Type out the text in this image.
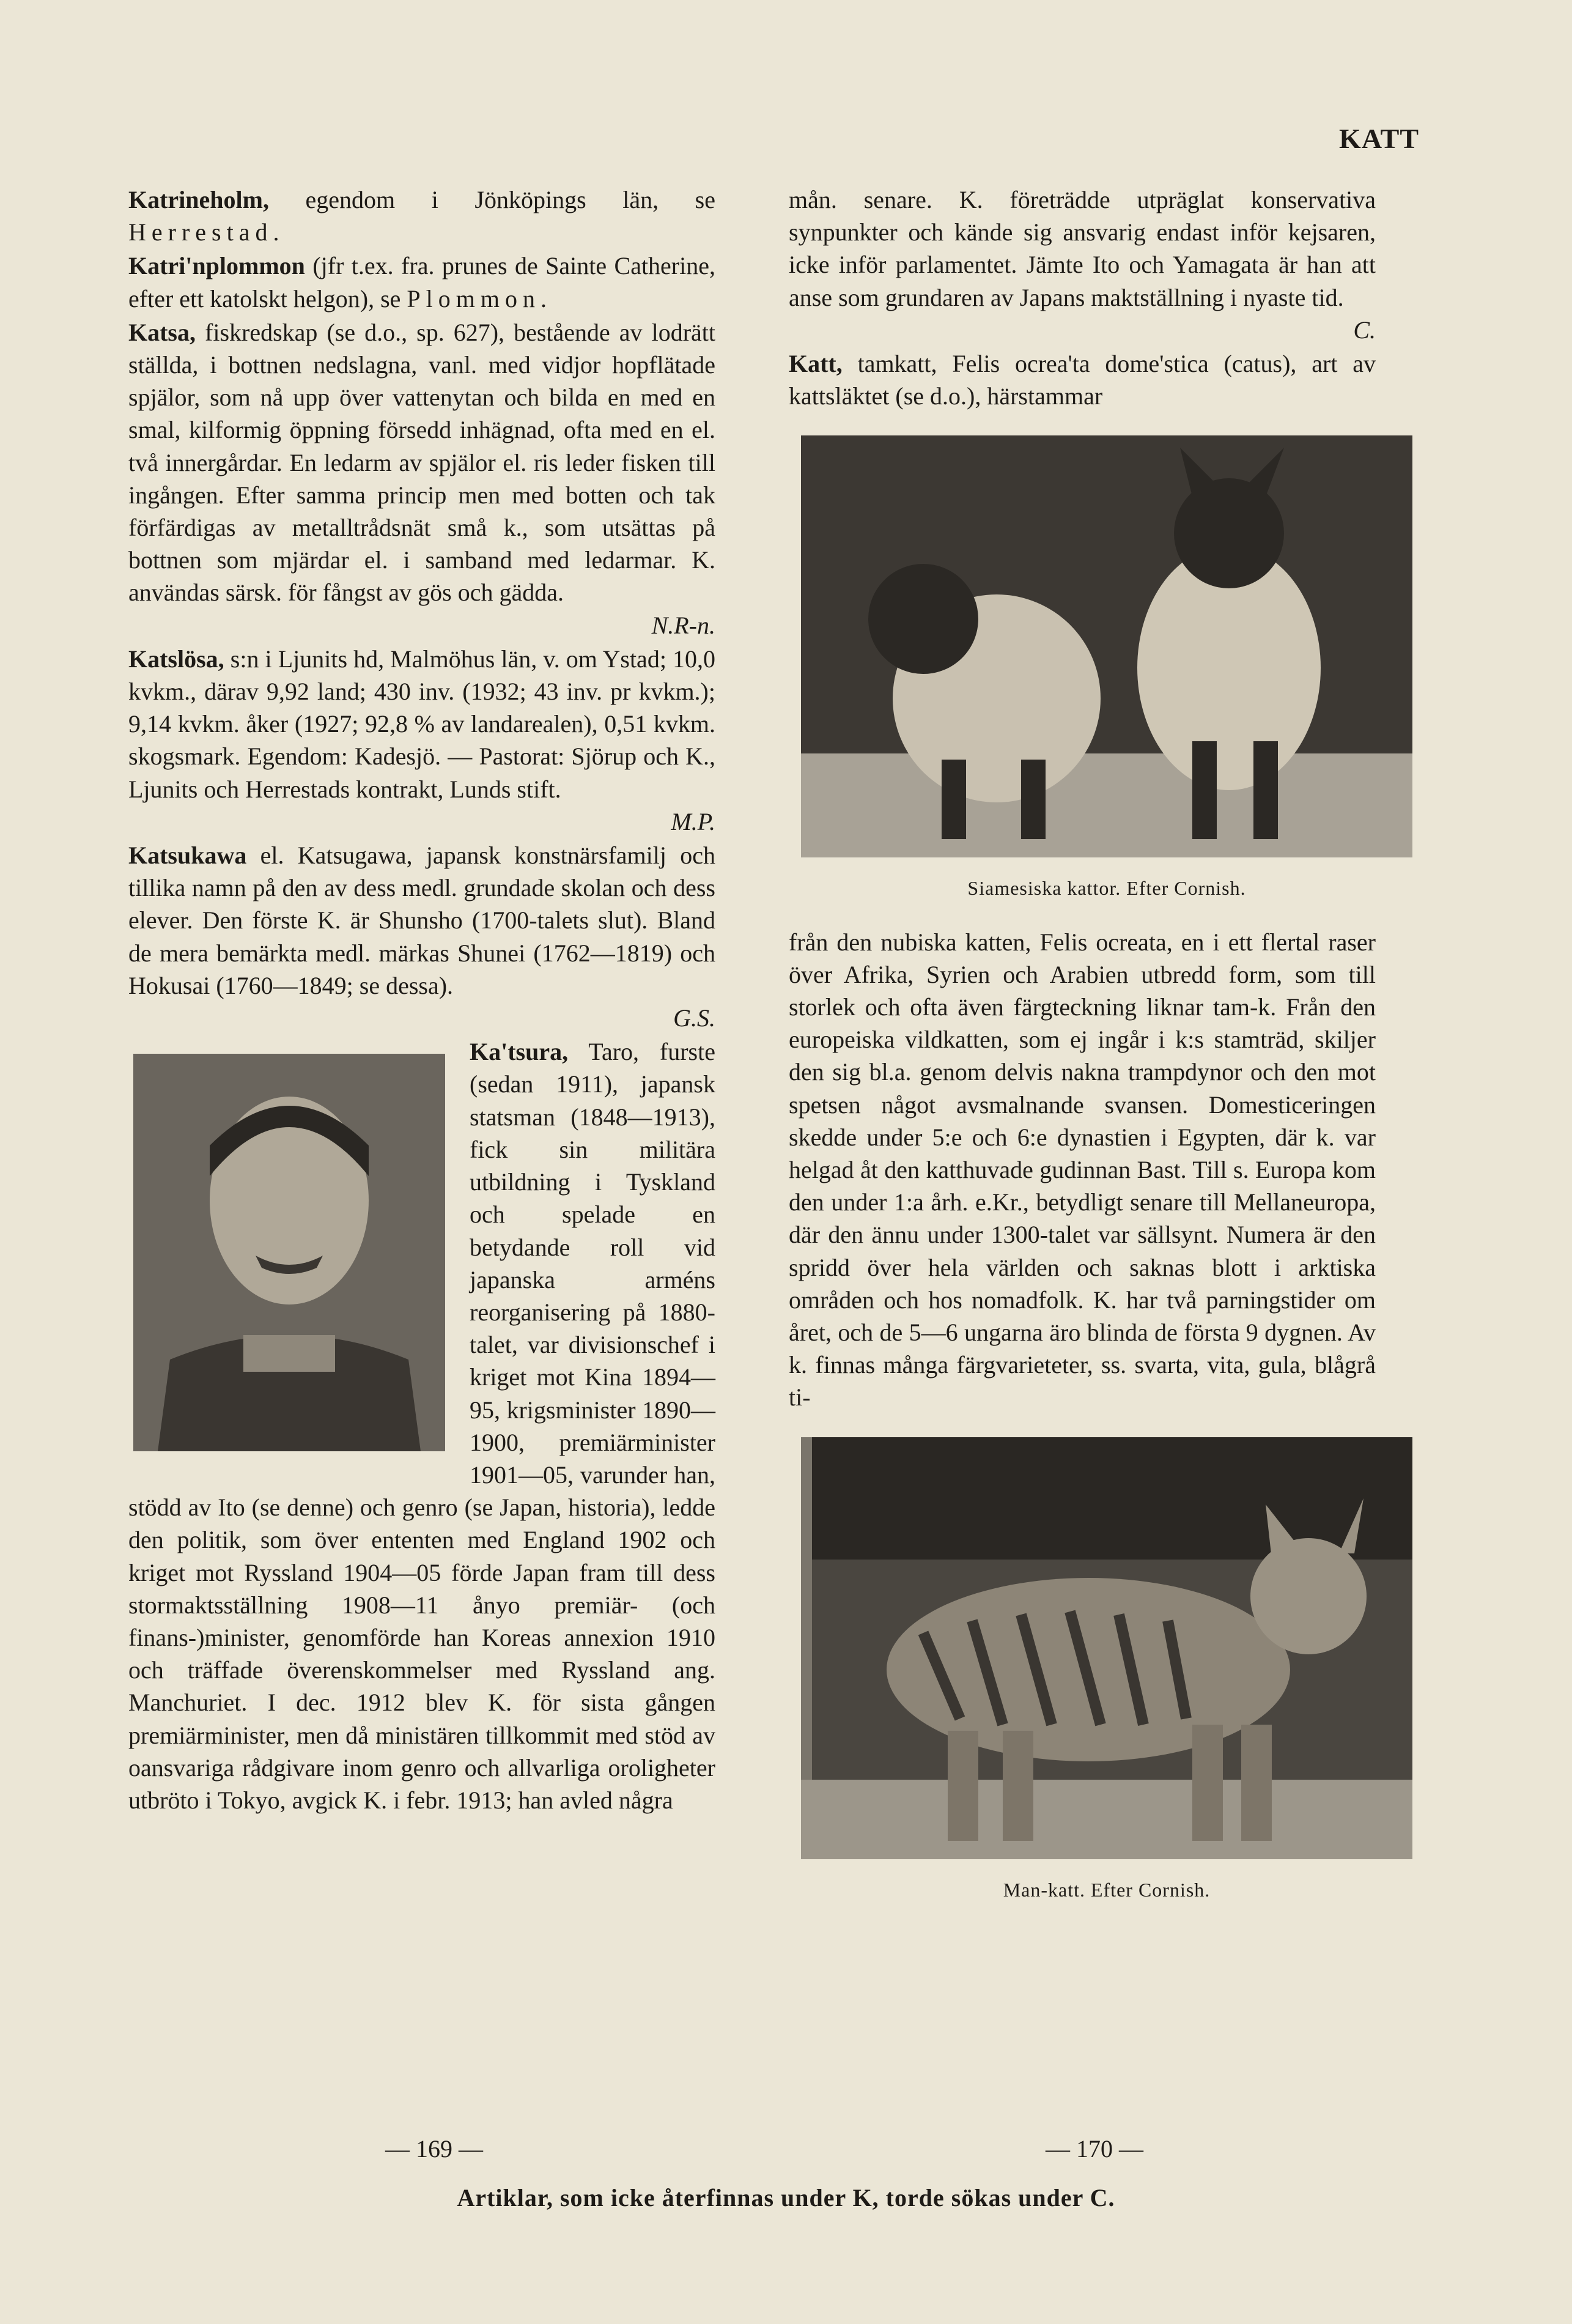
KATT

Katrineholm, egendom i Jönköpings län, se Herrestad.

Katri'nplommon (jfr t.ex. fra. prunes de Sainte Catherine, efter ett katolskt helgon), se Plommon.

Katsa, fiskredskap (se d.o., sp. 627), bestående av lodrätt ställda, i bottnen nedslagna, vanl. med vidjor hopflätade spjälor, som nå upp över vattenytan och bilda en med en smal, kilformig öppning försedd inhägnad, ofta med en el. två innergårdar. En ledarm av spjälor el. ris leder fisken till ingången. Efter samma princip men med botten och tak förfärdigas av metalltrådsnät små k., som utsättas på bottnen som mjärdar el. i samband med ledarmar. K. användas särsk. för fångst av gös och gädda.
N.R-n.

Katslösa, s:n i Ljunits hd, Malmöhus län, v. om Ystad; 10,0 kvkm., därav 9,92 land; 430 inv. (1932; 43 inv. pr kvkm.); 9,14 kvkm. åker (1927; 92,8 % av landarealen), 0,51 kvkm. skogsmark. Egendom: Kadesjö. — Pastorat: Sjörup och K., Ljunits och Herrestads kontrakt, Lunds stift.
M.P.

Katsukawa el. Katsugawa, japansk konstnärsfamilj och tillika namn på den av dess medl. grundade skolan och dess elever. Den förste K. är Shunsho (1700-talets slut). Bland de mera bemärkta medl. märkas Shunei (1762—1819) och Hokusai (1760—1849; se dessa).
G.S.

Ka'tsura, Taro, furste (sedan 1911), japansk statsman (1848—1913), fick sin militära utbildning i Tyskland och spelade en betydande roll vid japanska arméns reorganisering på 1880-talet, var divisionschef i kriget mot Kina 1894—95, krigsminister 1890—1900, premiärminister 1901—05, varunder han, stödd av Ito (se denne) och genro (se Japan, historia), ledde den politik, som över ententen med England 1902 och kriget mot Ryssland 1904—05 förde Japan fram till dess stormaktsställning 1908—11 ånyo premiär- (och finans-)minister, genomförde han Koreas annexion 1910 och träffade överenskommelser med Ryssland ang. Manchuriet. I dec. 1912 blev K. för sista gången premiärminister, men då ministären tillkommit med stöd av oansvariga rådgivare inom genro och allvarliga oroligheter utbröto i Tokyo, avgick K. i febr. 1913; han avled några

mån. senare. K. företrädde utpräglat konservativa synpunkter och kände sig ansvarig endast inför kejsaren, icke inför parlamentet. Jämte Ito och Yamagata är han att anse som grundaren av Japans maktställning i nyaste tid.
C.

Katt, tamkatt, Felis ocrea'ta dome'stica (catus), art av kattsläktet (se d.o.), härstammar

Siamesiska kattor. Efter Cornish.

från den nubiska katten, Felis ocreata, en i ett flertal raser över Afrika, Syrien och Arabien utbredd form, som till storlek och ofta även färgteckning liknar tam-k. Från den europeiska vildkatten, som ej ingår i k:s stamträd, skiljer den sig bl.a. genom delvis nakna trampdynor och den mot spetsen något avsmalnande svansen. Domesticeringen skedde under 5:e och 6:e dynastien i Egypten, där k. var helgad åt den katthuvade gudinnan Bast. Till s. Europa kom den under 1:a årh. e.Kr., betydligt senare till Mellaneuropa, där den ännu under 1300-talet var sällsynt. Numera är den spridd över hela världen och saknas blott i arktiska områden och hos nomadfolk. K. har två parningstider om året, och de 5—6 ungarna äro blinda de första 9 dygnen. Av k. finnas många färgvarieteter, ss. svarta, vita, gula, blågrå ti-

Man-katt. Efter Cornish.
— 169 —	— 170 —
Artiklar, som icke återfinnas under K, torde sökas under C.
